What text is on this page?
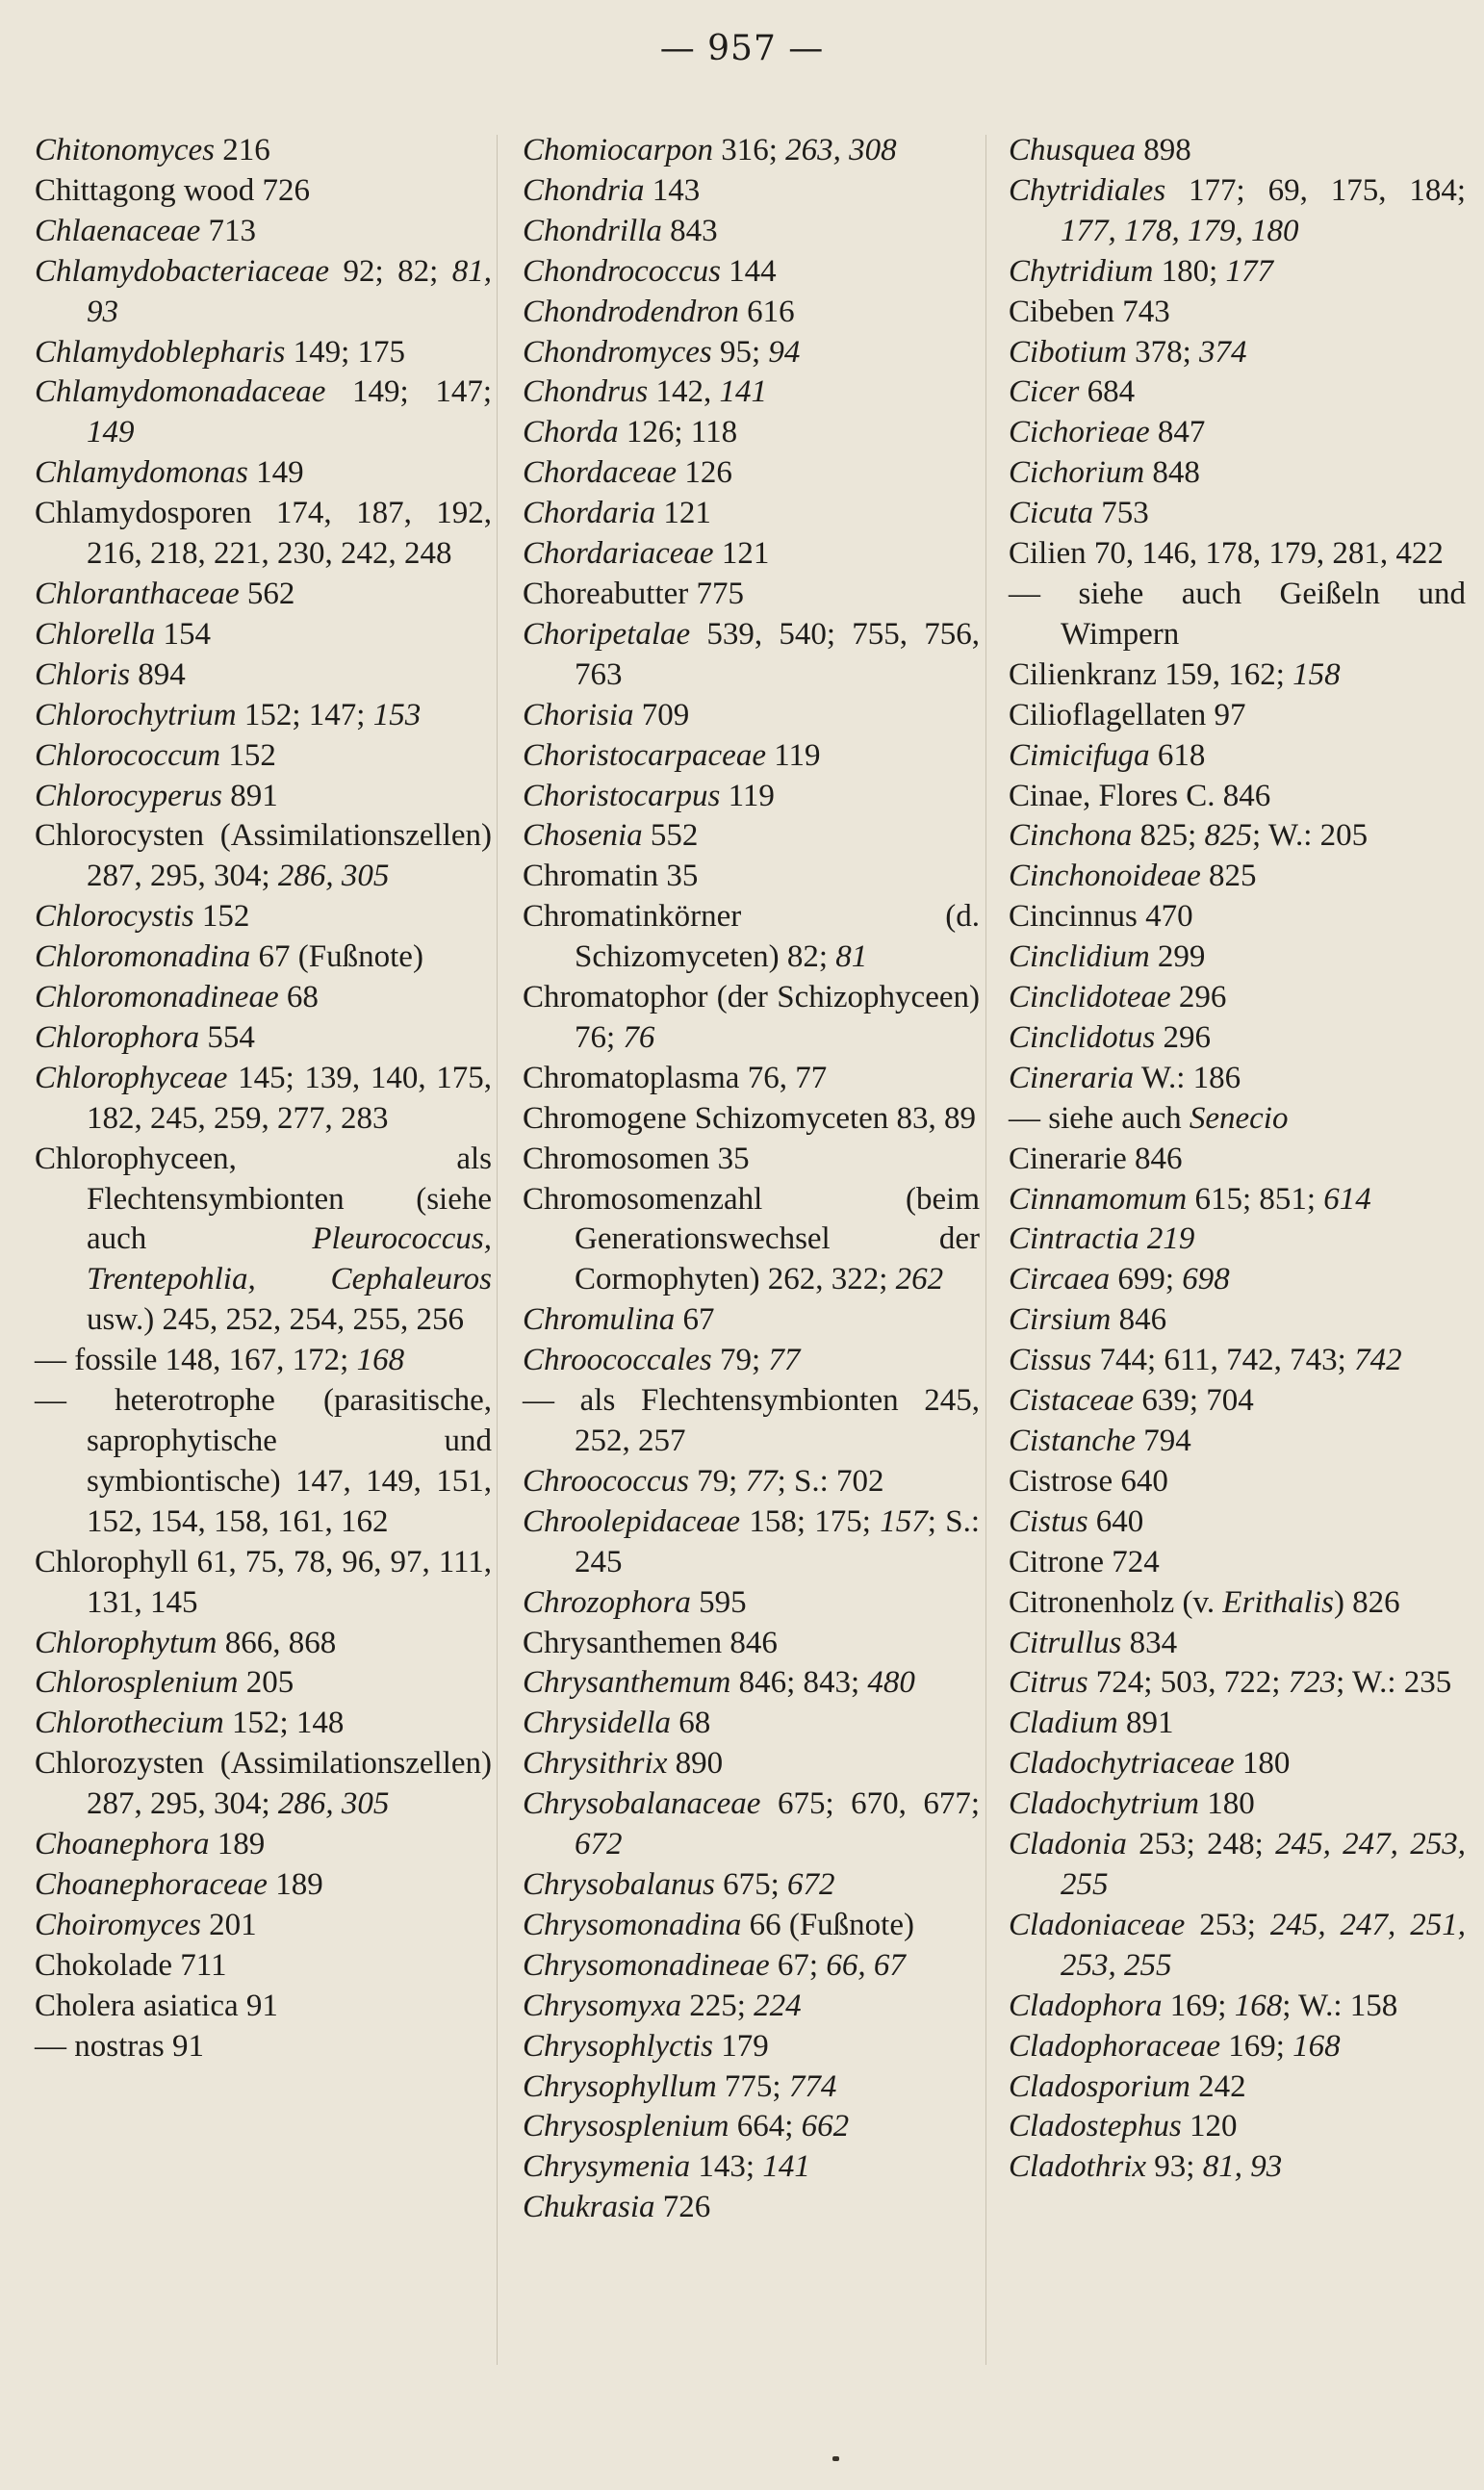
— 957 —

Chitonomyces 216

Chittagong wood 726

Chlaenaceae 713

Chlamydobacteriaceae 92; 82; 81, 93

Chlamydoblepharis 149; 175

Chlamydomonadaceae 149; 147; 149

Chlamydomonas 149

Chlamydosporen 174, 187, 192, 216, 218, 221, 230, 242, 248

Chloranthaceae 562

Chlorella 154

Chloris 894

Chlorochytrium 152; 147; 153

Chlorococcum 152

Chlorocyperus 891

Chlorocysten (Assimilationszellen) 287, 295, 304; 286, 305

Chlorocystis 152

Chloromonadina 67 (Fußnote)

Chloromonadineae 68

Chlorophora 554

Chlorophyceae 145; 139, 140, 175, 182, 245, 259, 277, 283

Chlorophyceen, als Flechtensymbionten (siehe auch Pleurococcus, Trentepohlia, Cephaleuros usw.) 245, 252, 254, 255, 256

— fossile 148, 167, 172; 168

— heterotrophe (parasitische, saprophytische und symbiontische) 147, 149, 151, 152, 154, 158, 161, 162

Chlorophyll 61, 75, 78, 96, 97, 111, 131, 145

Chlorophytum 866, 868

Chlorosplenium 205

Chlorothecium 152; 148

Chlorozysten (Assimilationszellen) 287, 295, 304; 286, 305

Choanephora 189

Choanephoraceae 189

Choiromyces 201

Chokolade 711

Cholera asiatica 91

— nostras 91

Chomiocarpon 316; 263, 308

Chondria 143

Chondrilla 843

Chondrococcus 144

Chondrodendron 616

Chondromyces 95; 94

Chondrus 142, 141

Chorda 126; 118

Chordaceae 126

Chordaria 121

Chordariaceae 121

Choreabutter 775

Choripetalae 539, 540; 755, 756, 763

Chorisia 709

Choristocarpaceae 119

Choristocarpus 119

Chosenia 552

Chromatin 35

Chromatinkörner (d. Schizomyceten) 82; 81

Chromatophor (der Schizophyceen) 76; 76

Chromatoplasma 76, 77

Chromogene Schizomyceten 83, 89

Chromosomen 35

Chromosomenzahl (beim Generationswechsel der Cormophyten) 262, 322; 262

Chromulina 67

Chroococcales 79; 77

— als Flechtensymbionten 245, 252, 257

Chroococcus 79; 77; S.: 702

Chroolepidaceae 158; 175; 157; S.: 245

Chrozophora 595

Chrysanthemen 846

Chrysanthemum 846; 843; 480

Chrysidella 68

Chrysithrix 890

Chrysobalanaceae 675; 670, 677; 672

Chrysobalanus 675; 672

Chrysomonadina 66 (Fußnote)

Chrysomonadineae 67; 66, 67

Chrysomyxa 225; 224

Chrysophlyctis 179

Chrysophyllum 775; 774

Chrysosplenium 664; 662

Chrysymenia 143; 141

Chukrasia 726

Chusquea 898

Chytridiales 177; 69, 175, 184; 177, 178, 179, 180

Chytridium 180; 177

Cibeben 743

Cibotium 378; 374

Cicer 684

Cichorieae 847

Cichorium 848

Cicuta 753

Cilien 70, 146, 178, 179, 281, 422

— siehe auch Geißeln und Wimpern

Cilienkranz 159, 162; 158

Cilioflagellaten 97

Cimicifuga 618

Cinae, Flores C. 846

Cinchona 825; 825; W.: 205

Cinchonoideae 825

Cincinnus 470

Cinclidium 299

Cinclidoteae 296

Cinclidotus 296

Cineraria W.: 186

— siehe auch Senecio

Cinerarie 846

Cinnamomum 615; 851; 614

Cintractia 219

Circaea 699; 698

Cirsium 846

Cissus 744; 611, 742, 743; 742

Cistaceae 639; 704

Cistanche 794

Cistrose 640

Cistus 640

Citrone 724

Citronenholz (v. Erithalis) 826

Citrullus 834

Citrus 724; 503, 722; 723; W.: 235

Cladium 891

Cladochytriaceae 180

Cladochytrium 180

Cladonia 253; 248; 245, 247, 253, 255

Cladoniaceae 253; 245, 247, 251, 253, 255

Cladophora 169; 168; W.: 158

Cladophoraceae 169; 168

Cladosporium 242

Cladostephus 120

Cladothrix 93; 81, 93
